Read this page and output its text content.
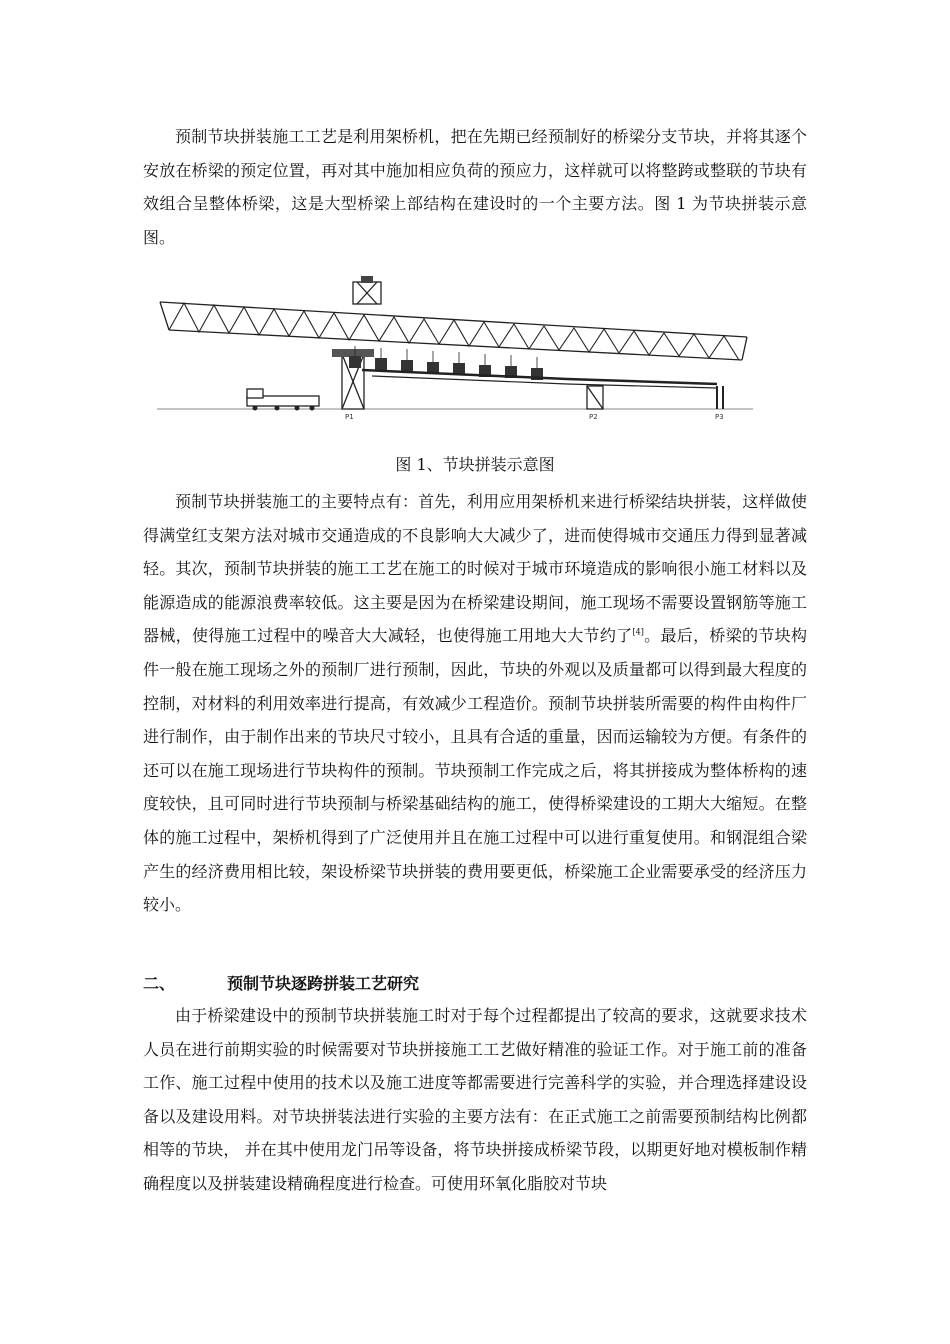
预制节块拼装施工工艺是利用架桥机，把在先期已经预制好的桥梁分支节块，并将其逐个安放在桥梁的预定位置，再对其中施加相应负荷的预应力，这样就可以将整跨或整联的节块有效组合呈整体桥梁，这是大型桥梁上部结构在建设时的一个主要方法。图 1 为节块拼装示意图。

P1	P2	P3
图 1、节块拼装示意图

预制节块拼装施工的主要特点有：首先，利用应用架桥机来进行桥梁结块拼装，这样做使得满堂红支架方法对城市交通造成的不良影响大大减少了，进而使得城市交通压力得到显著减轻。其次，预制节块拼装的施工工艺在施工的时候对于城市环境造成的影响很小施工材料以及能源造成的能源浪费率较低。这主要是因为在桥梁建设期间，施工现场不需要设置钢筋等施工器械，使得施工过程中的噪音大大减轻，也使得施工用地大大节约了[4]。最后，桥梁的节块构件一般在施工现场之外的预制厂进行预制，因此，节块的外观以及质量都可以得到最大程度的控制，对材料的利用效率进行提高，有效减少工程造价。预制节块拼装所需要的构件由构件厂进行制作，由于制作出来的节块尺寸较小，且具有合适的重量，因而运输较为方便。有条件的还可以在施工现场进行节块构件的预制。节块预制工作完成之后，将其拼接成为整体桥构的速度较快，且可同时进行节块预制与桥梁基础结构的施工，使得桥梁建设的工期大大缩短。在整体的施工过程中，架桥机得到了广泛使用并且在施工过程中可以进行重复使用。和钢混组合梁产生的经济费用相比较，架设桥梁节块拼装的费用要更低，桥梁施工企业需要承受的经济压力较小。

二、	预制节块逐跨拼装工艺研究

由于桥梁建设中的预制节块拼装施工时对于每个过程都提出了较高的要求，这就要求技术人员在进行前期实验的时候需要对节块拼接施工工艺做好精准的验证工作。对于施工前的准备工作、施工过程中使用的技术以及施工进度等都需要进行完善科学的实验，并合理选择建设设备以及建设用料。对节块拼装法进行实验的主要方法有：在正式施工之前需要预制结构比例都相等的节块， 并在其中使用龙门吊等设备，将节块拼接成桥梁节段，以期更好地对模板制作精确程度以及拼装建设精确程度进行检查。可使用环氧化脂胶对节块
